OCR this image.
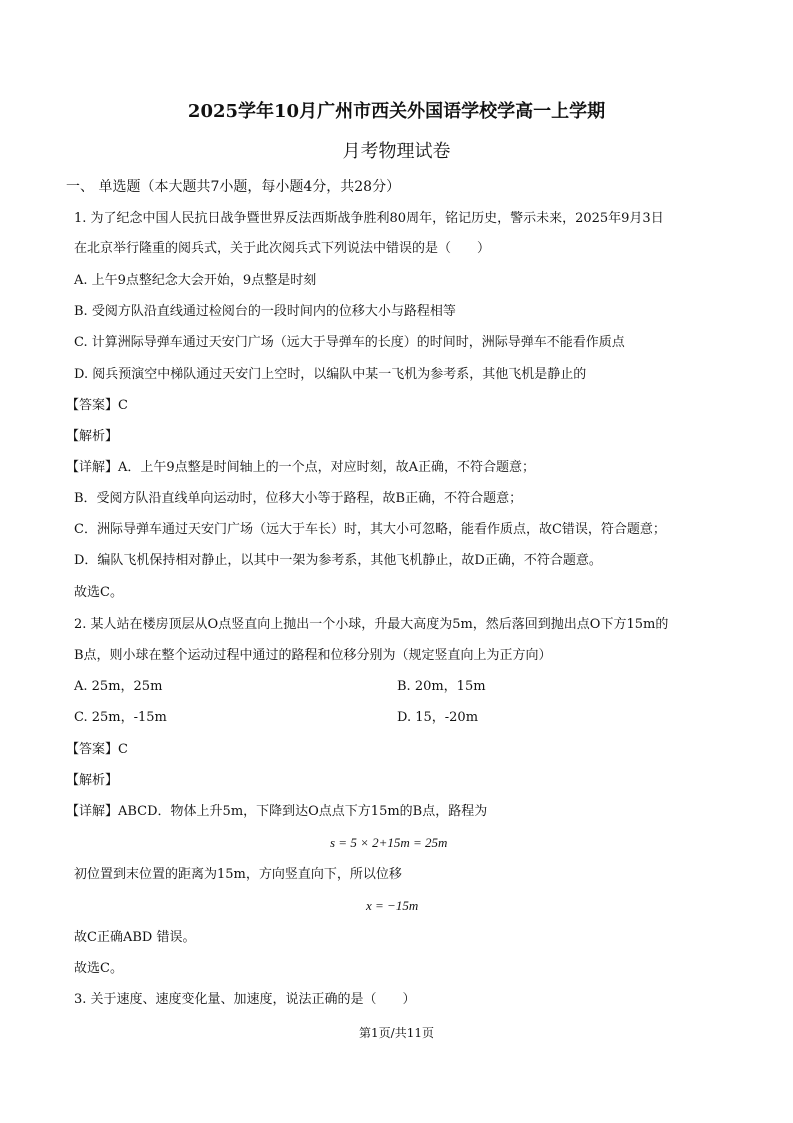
2025学年10月广州市西关外国语学校学高一上学期
月考物理试卷
一、 单选题（本大题共7小题，每小题4分，共28分）
1. 为了纪念中国人民抗日战争暨世界反法西斯战争胜利80周年，铭记历史，警示未来，2025年9月3日
在北京举行隆重的阅兵式，关于此次阅兵式下列说法中错误的是（　　）
A. 上午9点整纪念大会开始，9点整是时刻
B. 受阅方队沿直线通过检阅台的一段时间内的位移大小与路程相等
C. 计算洲际导弹车通过天安门广场（远大于导弹车的长度）的时间时，洲际导弹车不能看作质点
D. 阅兵预演空中梯队通过天安门上空时，以编队中某一飞机为参考系，其他飞机是静止的
【答案】C
【解析】
【详解】A．上午9点整是时间轴上的一个点，对应时刻，故A正确，不符合题意；
B．受阅方队沿直线单向运动时，位移大小等于路程，故B正确，不符合题意；
C．洲际导弹车通过天安门广场（远大于车长）时，其大小可忽略，能看作质点，故C错误，符合题意；
D．编队飞机保持相对静止，以其中一架为参考系，其他飞机静止，故D正确，不符合题意。
故选C。
2. 某人站在楼房顶层从O点竖直向上抛出一个小球，升最大高度为5m，然后落回到抛出点O下方15m的
B点，则小球在整个运动过程中通过的路程和位移分别为（规定竖直向上为正方向）
A. 25m，25m	B. 20m，15m
C. 25m，-15m	D. 15，-20m
【答案】C
【解析】
【详解】ABCD．物体上升5m，下降到达O点点下方15m的B点，路程为
s = 5 × 2+15m = 25m
初位置到末位置的距离为15m，方向竖直向下，所以位移
x = −15m
故C正确ABD 错误。
故选C。
3. 关于速度、速度变化量、加速度，说法正确的是（　　）
第1页/共11页
